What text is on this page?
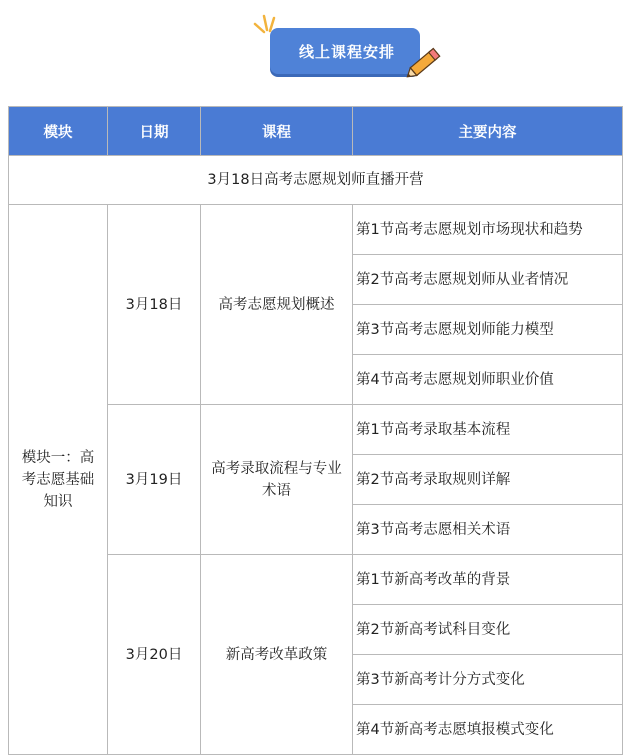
线上课程安排
模块	日期	课程	主要内容
3月18日高考志愿规划师直播开营			
模块一：高考志愿基础知识	3月18日	高考志愿规划概述	第1节高考志愿规划市场现状和趋势
			第2节高考志愿规划师从业者情况
			第3节高考志愿规划师能力模型
			第4节高考志愿规划师职业价值
	3月19日	高考录取流程与专业术语	第1节高考录取基本流程
			第2节高考录取规则详解
			第3节高考志愿相关术语
	3月20日	新高考改革政策	第1节新高考改革的背景
			第2节新高考试科目变化
			第3节新高考计分方式变化
			第4节新高考志愿填报模式变化
